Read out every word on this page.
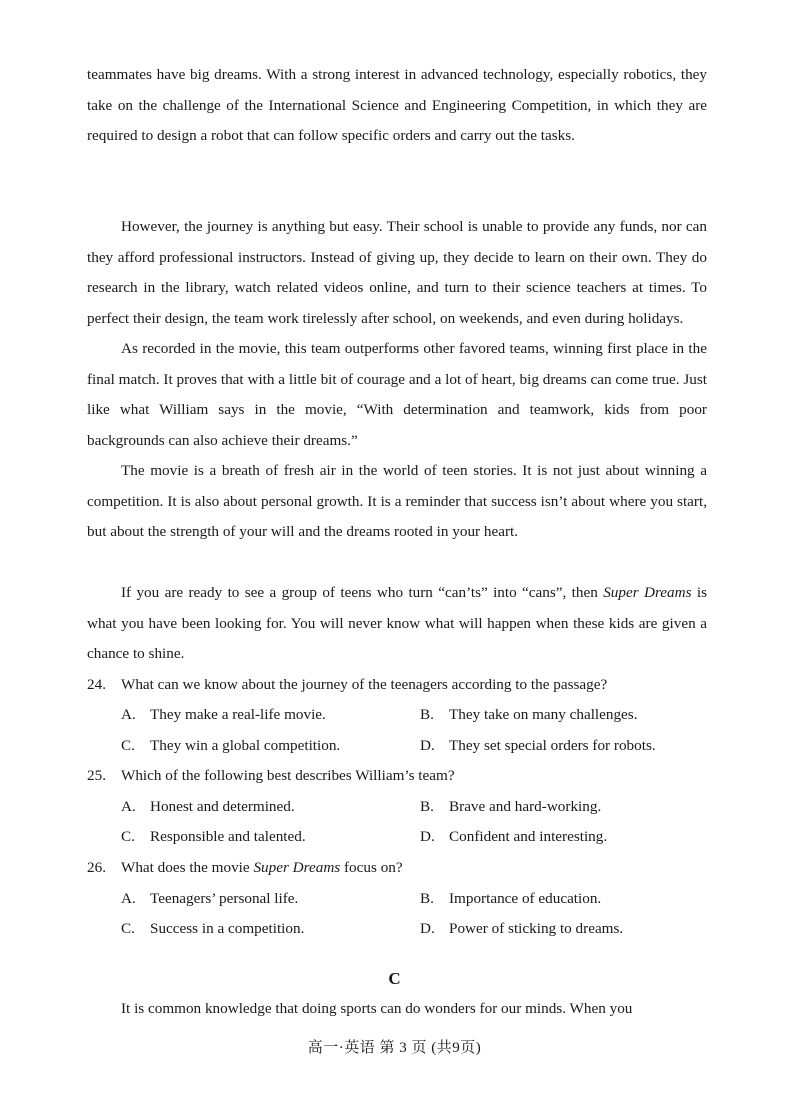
teammates have big dreams. With a strong interest in advanced technology, especially robotics, they take on the challenge of the International Science and Engineering Competition, in which they are required to design a robot that can follow specific orders and carry out the tasks.

However, the journey is anything but easy. Their school is unable to provide any funds, nor can they afford professional instructors. Instead of giving up, they decide to learn on their own. They do research in the library, watch related videos online, and turn to their science teachers at times. To perfect their design, the team work tirelessly after school, on weekends, and even during holidays.

As recorded in the movie, this team outperforms other favored teams, winning first place in the final match. It proves that with a little bit of courage and a lot of heart, big dreams can come true. Just like what William says in the movie, “With determination and teamwork, kids from poor backgrounds can also achieve their dreams.”

The movie is a breath of fresh air in the world of teen stories. It is not just about winning a competition. It is also about personal growth. It is a reminder that success isn’t about where you start, but about the strength of your will and the dreams rooted in your heart.

If you are ready to see a group of teens who turn “can’ts” into “cans”, then Super Dreams is what you have been looking for. You will never know what will happen when these kids are given a chance to shine.

24. What can we know about the journey of the teenagers according to the passage?

A. They make a real-life movie.	B. They take on many challenges.
C. They win a global competition.	D. They set special orders for robots.

25. Which of the following best describes William’s team?

A. Honest and determined.	B. Brave and hard-working.
C. Responsible and talented.	D. Confident and interesting.

26. What does the movie Super Dreams focus on?

A. Teenagers’ personal life.	B. Importance of education.
C. Success in a competition.	D. Power of sticking to dreams.
C

It is common knowledge that doing sports can do wonders for our minds. When you

高一·英语 第 3 页 (共9页)
